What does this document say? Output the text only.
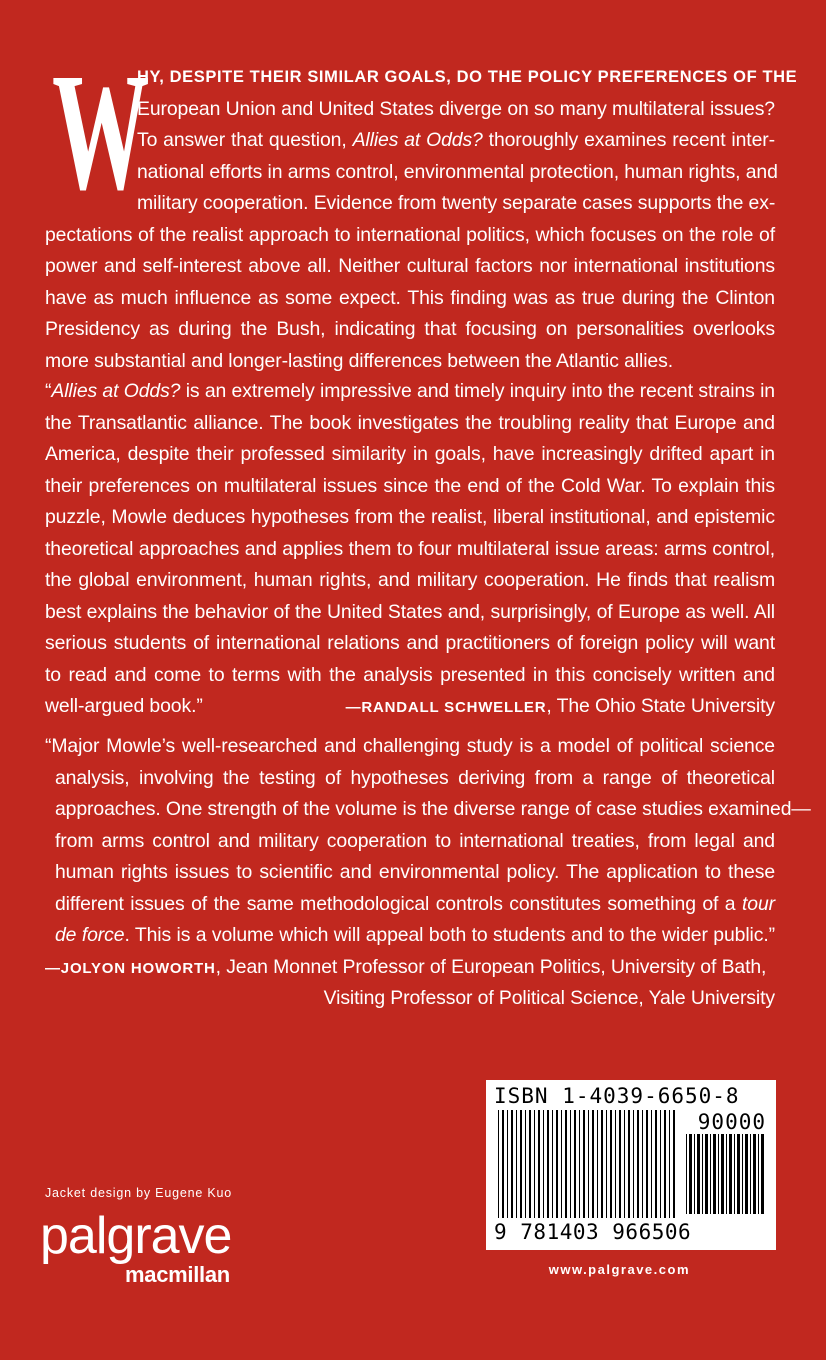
W
HY, DESPITE THEIR SIMILAR GOALS, DO THE POLICY PREFERENCES OF THE
European Union and United States diverge on so many multilateral issues?
To answer that question, Allies at Odds? thoroughly examines recent inter-
national efforts in arms control, environmental protection, human rights, and
military cooperation. Evidence from twenty separate cases supports the ex-
pectations of the realist approach to international politics, which focuses on the role of
power and self-interest above all. Neither cultural factors nor international institutions
have as much influence as some expect. This finding was as true during the Clinton
Presidency as during the Bush, indicating that focusing on personalities overlooks
more substantial and longer-lasting differences between the Atlantic allies.
“Allies at Odds? is an extremely impressive and timely inquiry into the recent strains in
the Transatlantic alliance. The book investigates the troubling reality that Europe and
America, despite their professed similarity in goals, have increasingly drifted apart in
their preferences on multilateral issues since the end of the Cold War. To explain this
puzzle, Mowle deduces hypotheses from the realist, liberal institutional, and epistemic
theoretical approaches and applies them to four multilateral issue areas: arms control,
the global environment, human rights, and military cooperation. He finds that realism
best explains the behavior of the United States and, surprisingly, of Europe as well. All
serious students of international relations and practitioners of foreign policy will want
to read and come to terms with the analysis presented in this concisely written and
well-argued book.”	—RANDALL SCHWELLER, The Ohio State University
“Major Mowle’s well-researched and challenging study is a model of political science
analysis, involving the testing of hypotheses deriving from a range of theoretical
approaches. One strength of the volume is the diverse range of case studies examined—
from arms control and military cooperation to international treaties, from legal and
human rights issues to scientific and environmental policy. The application to these
different issues of the same methodological controls constitutes something of a tour
de force. This is a volume which will appeal both to students and to the wider public.”
—JOLYON HOWORTH, Jean Monnet Professor of European Politics, University of Bath,
Visiting Professor of Political Science, Yale University
ISBN 1-4039-6650-8
90000
9 781403 966506
www.palgrave.com
Jacket design by Eugene Kuo
palgrave
macmillan
